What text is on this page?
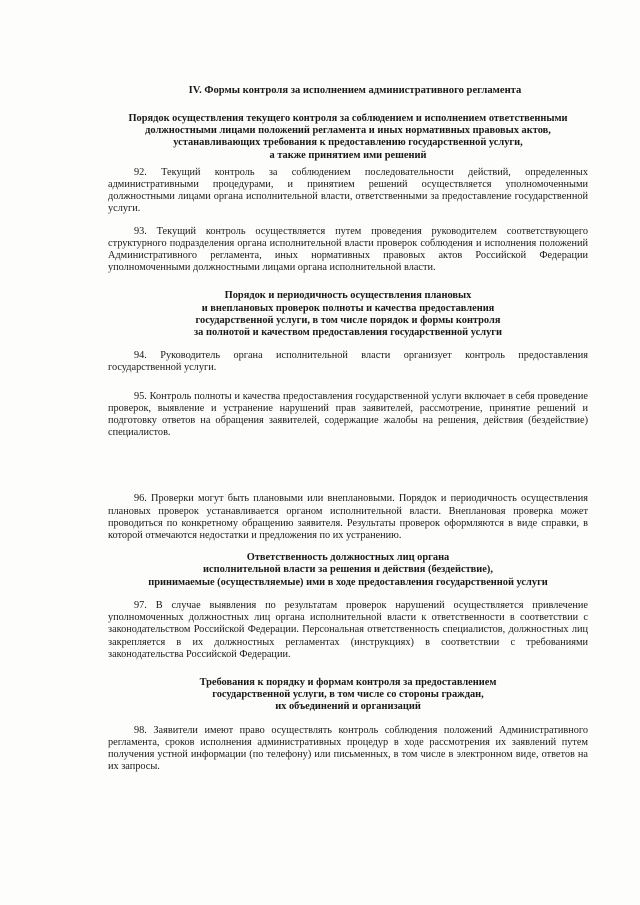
IV. Формы контроля за исполнением административного регламента
Порядок осуществления текущего контроля за соблюдением и исполнением ответственными
должностными лицами положений регламента и иных нормативных правовых актов,
устанавливающих требования к предоставлению государственной услуги,
а также принятием ими решений

92. Текущий контроль за соблюдением последовательности действий, определенных административными процедурами, и принятием решений осуществляется уполномоченными должностными лицами органа исполнительной власти, ответственными за предоставление государственной услуги.

93. Текущий контроль осуществляется путем проведения руководителем соответствующего структурного подразделения органа исполнительной власти проверок соблюдения и исполнения положений Административного регламента, иных нормативных правовых актов Российской Федерации уполномоченными должностными лицами органа исполнительной власти.

Порядок и периодичность осуществления плановых
и внеплановых проверок полноты и качества предоставления
государственной услуги, в том числе порядок и формы контроля
за полнотой и качеством предоставления государственной услуги

94. Руководитель органа исполнительной власти организует контроль предоставления государственной услуги.

95. Контроль полноты и качества предоставления государственной услуги включает в себя проведение проверок, выявление и устранение нарушений прав заявителей, рассмотрение, принятие решений и подготовку ответов на обращения заявителей, содержащие жалобы на решения, действия (бездействие) специалистов.

96. Проверки могут быть плановыми или внеплановыми. Порядок и периодичность осуществления плановых проверок устанавливается органом исполнительной власти. Внеплановая проверка может проводиться по конкретному обращению заявителя. Результаты проверок оформляются в виде справки, в которой отмечаются недостатки и предложения по их устранению.

Ответственность должностных лиц органа
исполнительной власти за решения и действия (бездействие),
принимаемые (осуществляемые) ими в ходе предоставления государственной услуги

97. В случае выявления по результатам проверок нарушений осуществляется привлечение уполномоченных должностных лиц органа исполнительной власти к ответственности в соответствии с законодательством Российской Федерации. Персональная ответственность специалистов, должностных лиц закрепляется в их должностных регламентах (инструкциях) в соответствии с требованиями законодательства Российской Федерации.

Требования к порядку и формам контроля за предоставлением
государственной услуги, в том числе со стороны граждан,
их объединений и организаций

98. Заявители имеют право осуществлять контроль соблюдения положений Административного регламента, сроков исполнения административных процедур в ходе рассмотрения их заявлений путем получения устной информации (по телефону) или письменных, в том числе в электронном виде, ответов на их запросы.
